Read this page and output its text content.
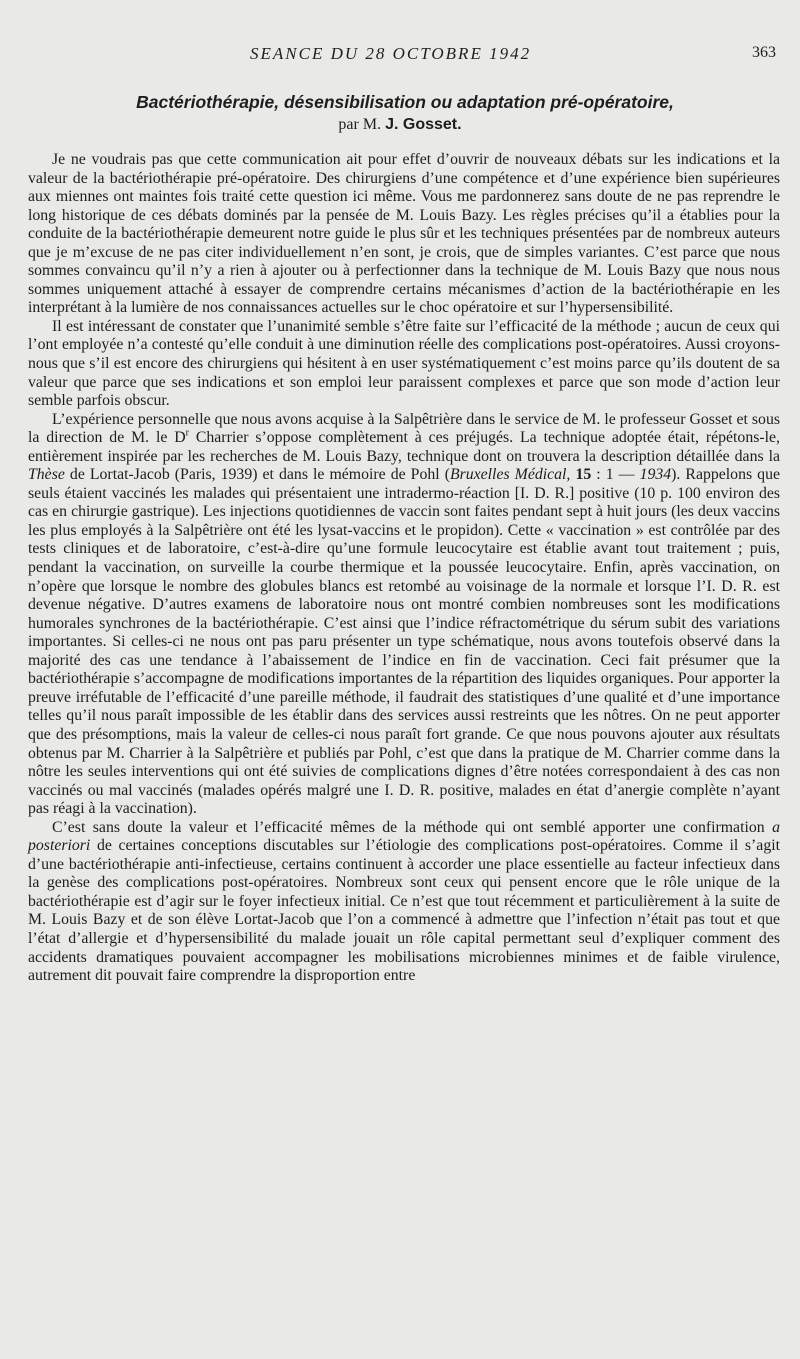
SEANCE DU 28 OCTOBRE 1942	363
Bactériothérapie, désensibilisation ou adaptation pré-opératoire,
par M. J. Gosset.

Je ne voudrais pas que cette communication ait pour effet d’ouvrir de nouveaux débats sur les indications et la valeur de la bactériothérapie pré-opératoire. Des chirurgiens d’une compétence et d’une expérience bien supérieures aux miennes ont maintes fois traité cette question ici même. Vous me pardonnerez sans doute de ne pas reprendre le long historique de ces débats dominés par la pensée de M. Louis Bazy. Les règles précises qu’il a établies pour la conduite de la bactériothérapie demeurent notre guide le plus sûr et les techniques présentées par de nombreux auteurs que je m’excuse de ne pas citer individuellement n’en sont, je crois, que de simples variantes. C’est parce que nous sommes convaincu qu’il n’y a rien à ajouter ou à perfectionner dans la technique de M. Louis Bazy que nous nous sommes uniquement attaché à essayer de comprendre certains mécanismes d’action de la bactériothérapie en les interprétant à la lumière de nos connaissances actuelles sur le choc opératoire et sur l’hypersensibilité.

Il est intéressant de constater que l’unanimité semble s’être faite sur l’efficacité de la méthode ; aucun de ceux qui l’ont employée n’a contesté qu’elle conduit à une diminution réelle des complications post-opératoires. Aussi croyons-nous que s’il est encore des chirurgiens qui hésitent à en user systématiquement c’est moins parce qu’ils doutent de sa valeur que parce que ses indications et son emploi leur paraissent complexes et parce que son mode d’action leur semble parfois obscur.

L’expérience personnelle que nous avons acquise à la Salpêtrière dans le service de M. le professeur Gosset et sous la direction de M. le $D^r$ Charrier s’oppose complètement à ces préjugés. La technique adoptée était, répétons-le, entièrement inspirée par les recherches de M. Louis Bazy, technique dont on trouvera la description détaillée dans la Thèse de Lortat-Jacob (Paris, 1939) et dans le mémoire de Pohl (Bruxelles Médical, 15 : 1 — 1934). Rappelons que seuls étaient vaccinés les malades qui présentaient une intradermo-réaction [I. D. R.] positive (10 p. 100 environ des cas en chirurgie gastrique). Les injections quotidiennes de vaccin sont faites pendant sept à huit jours (les deux vaccins les plus employés à la Salpêtrière ont été les lysat-vaccins et le propidon). Cette « vaccination » est contrôlée par des tests cliniques et de laboratoire, c’est-à-dire qu’une formule leucocytaire est établie avant tout traitement ; puis, pendant la vaccination, on surveille la courbe thermique et la poussée leucocytaire. Enfin, après vaccination, on n’opère que lorsque le nombre des globules blancs est retombé au voisinage de la normale et lorsque l’I. D. R. est devenue négative. D’autres examens de laboratoire nous ont montré combien nombreuses sont les modifications humorales synchrones de la bactériothérapie. C’est ainsi que l’indice réfractométrique du sérum subit des variations importantes. Si celles-ci ne nous ont pas paru présenter un type schématique, nous avons toutefois observé dans la majorité des cas une tendance à l’abaissement de l’indice en fin de vaccination. Ceci fait présumer que la bactériothérapie s’accompagne de modifications importantes de la répartition des liquides organiques. Pour apporter la preuve irréfutable de l’efficacité d’une pareille méthode, il faudrait des statistiques d’une qualité et d’une importance telles qu’il nous paraît impossible de les établir dans des services aussi restreints que les nôtres. On ne peut apporter que des présomptions, mais la valeur de celles-ci nous paraît fort grande. Ce que nous pouvons ajouter aux résultats obtenus par M. Charrier à la Salpêtrière et publiés par Pohl, c’est que dans la pratique de M. Charrier comme dans la nôtre les seules interventions qui ont été suivies de complications dignes d’être notées correspondaient à des cas non vaccinés ou mal vaccinés (malades opérés malgré une I. D. R. positive, malades en état d’anergie complète n’ayant pas réagi à la vaccination).

C’est sans doute la valeur et l’efficacité mêmes de la méthode qui ont semblé apporter une confirmation a posteriori de certaines conceptions discutables sur l’étiologie des complications post-opératoires. Comme il s’agit d’une bactériothérapie anti-infectieuse, certains continuent à accorder une place essentielle au facteur infectieux dans la genèse des complications post-opératoires. Nombreux sont ceux qui pensent encore que le rôle unique de la bactériothérapie est d’agir sur le foyer infectieux initial. Ce n’est que tout récemment et particulièrement à la suite de M. Louis Bazy et de son élève Lortat-Jacob que l’on a commencé à admettre que l’infection n’était pas tout et que l’état d’allergie et d’hypersensibilité du malade jouait un rôle capital permettant seul d’expliquer comment des accidents dramatiques pouvaient accompagner les mobilisations microbiennes minimes et de faible virulence, autrement dit pouvait faire comprendre la disproportion entre
